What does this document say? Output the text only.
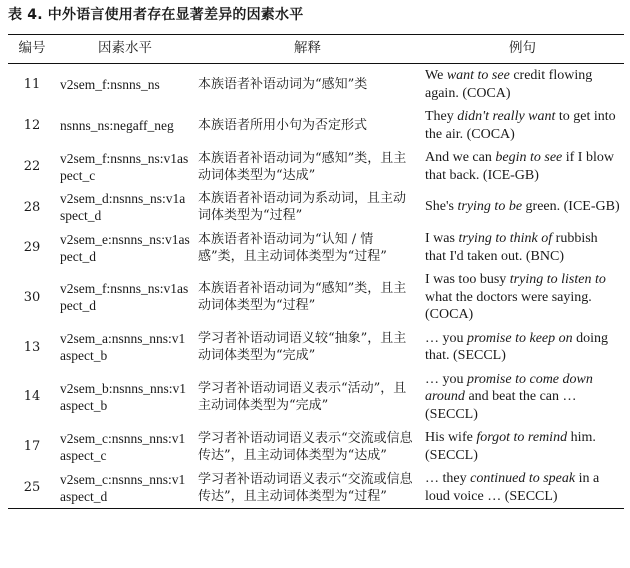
表 4. 中外语言使用者存在显著差异的因素水平
编号	因素水平	解释	例句
11	v2sem_f:nsnns_ns	本族语者补语动词为“感知”类	We want to see credit flowing again. (COCA)
12	nsnns_ns:negaff_neg	本族语者所用小句为否定形式	They didn't really want to get into the air. (COCA)
22	v2sem_f:nsnns_ns:v1aspect_c	本族语者补语动词为“感知”类，且主动词体类型为“达成”	And we can begin to see if I blow that back. (ICE-GB)
28	v2sem_d:nsnns_ns:v1aspect_d	本族语者补语动词为系动词，且主动词体类型为“过程”	She's trying to be green. (ICE-GB)
29	v2sem_e:nsnns_ns:v1aspect_d	本族语者补语动词为“认知 / 情感”类，且主动词体类型为“过程”	I was trying to think of rubbish that I'd taken out. (BNC)
30	v2sem_f:nsnns_ns:v1aspect_d	本族语者补语动词为“感知”类，且主动词体类型为“过程”	I was too busy trying to listen to what the doctors were saying. (COCA)
13	v2sem_a:nsnns_nns:v1aspect_b	学习者补语动词语义较“抽象”，且主动词体类型为“完成”	… you promise to keep on doing that. (SECCL)
14	v2sem_b:nsnns_nns:v1aspect_b	学习者补语动词语义表示“活动”，且主动词体类型为“完成”	… you promise to come down around and beat the can … (SECCL)
17	v2sem_c:nsnns_nns:v1aspect_c	学习者补语动词语义表示“交流或信息传达”，且主动词体类型为“达成”	His wife forgot to remind him. (SECCL)
25	v2sem_c:nsnns_nns:v1aspect_d	学习者补语动词语义表示“交流或信息传达”，且主动词体类型为“过程”	… they continued to speak in a loud voice … (SECCL)
